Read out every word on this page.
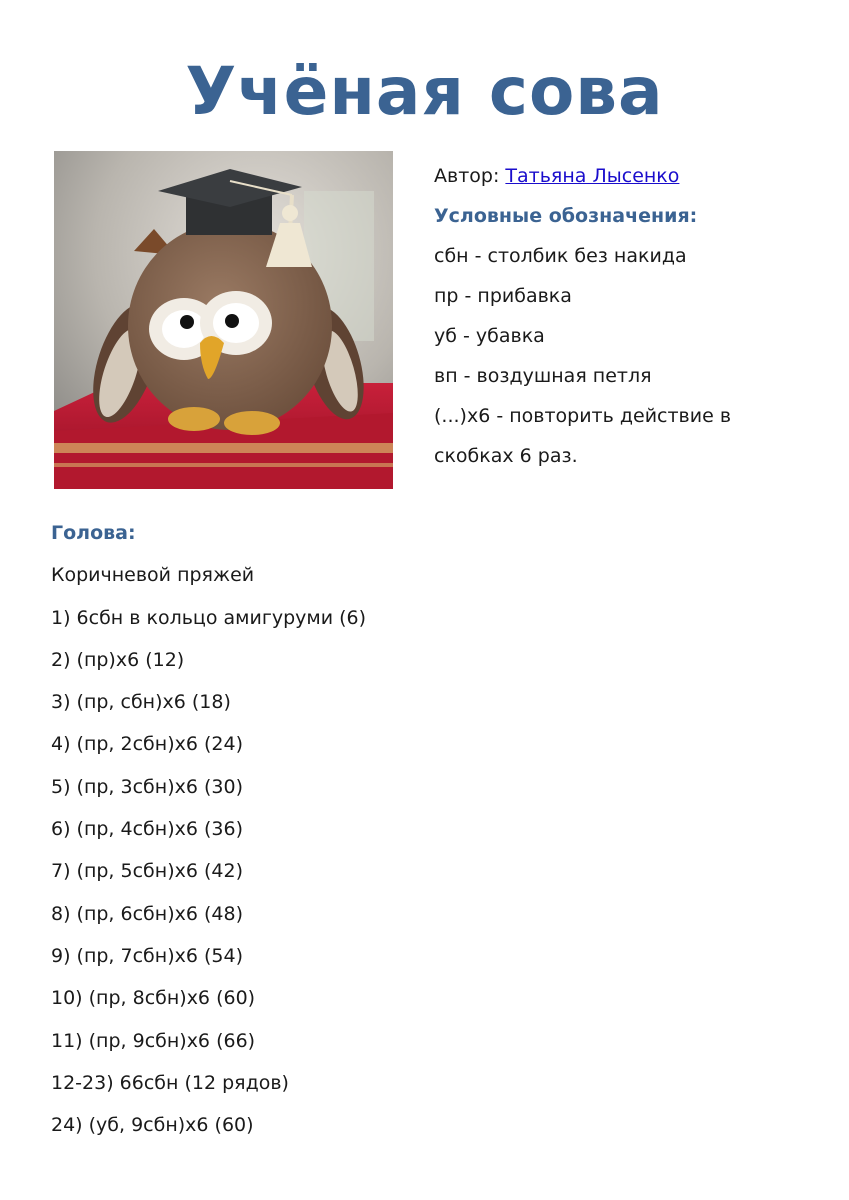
Учёная сова
Автор: Татьяна Лысенко
Условные обозначения:
сбн - столбик без накида
пр - прибавка
уб - убавка
вп - воздушная петля
(...)х6 - повторить действие в
скобках 6 раз.
Голова:
Коричневой пряжей
1) 6сбн в кольцо амигуруми (6)
2) (пр)х6 (12)
3) (пр, сбн)х6 (18)
4) (пр, 2сбн)х6 (24)
5) (пр, 3сбн)х6 (30)
6) (пр, 4сбн)х6 (36)
7) (пр, 5сбн)х6 (42)
8) (пр, 6сбн)х6 (48)
9) (пр, 7сбн)х6 (54)
10) (пр, 8сбн)х6 (60)
11) (пр, 9сбн)х6 (66)
12-23) 66сбн (12 рядов)
24) (уб, 9сбн)х6 (60)
